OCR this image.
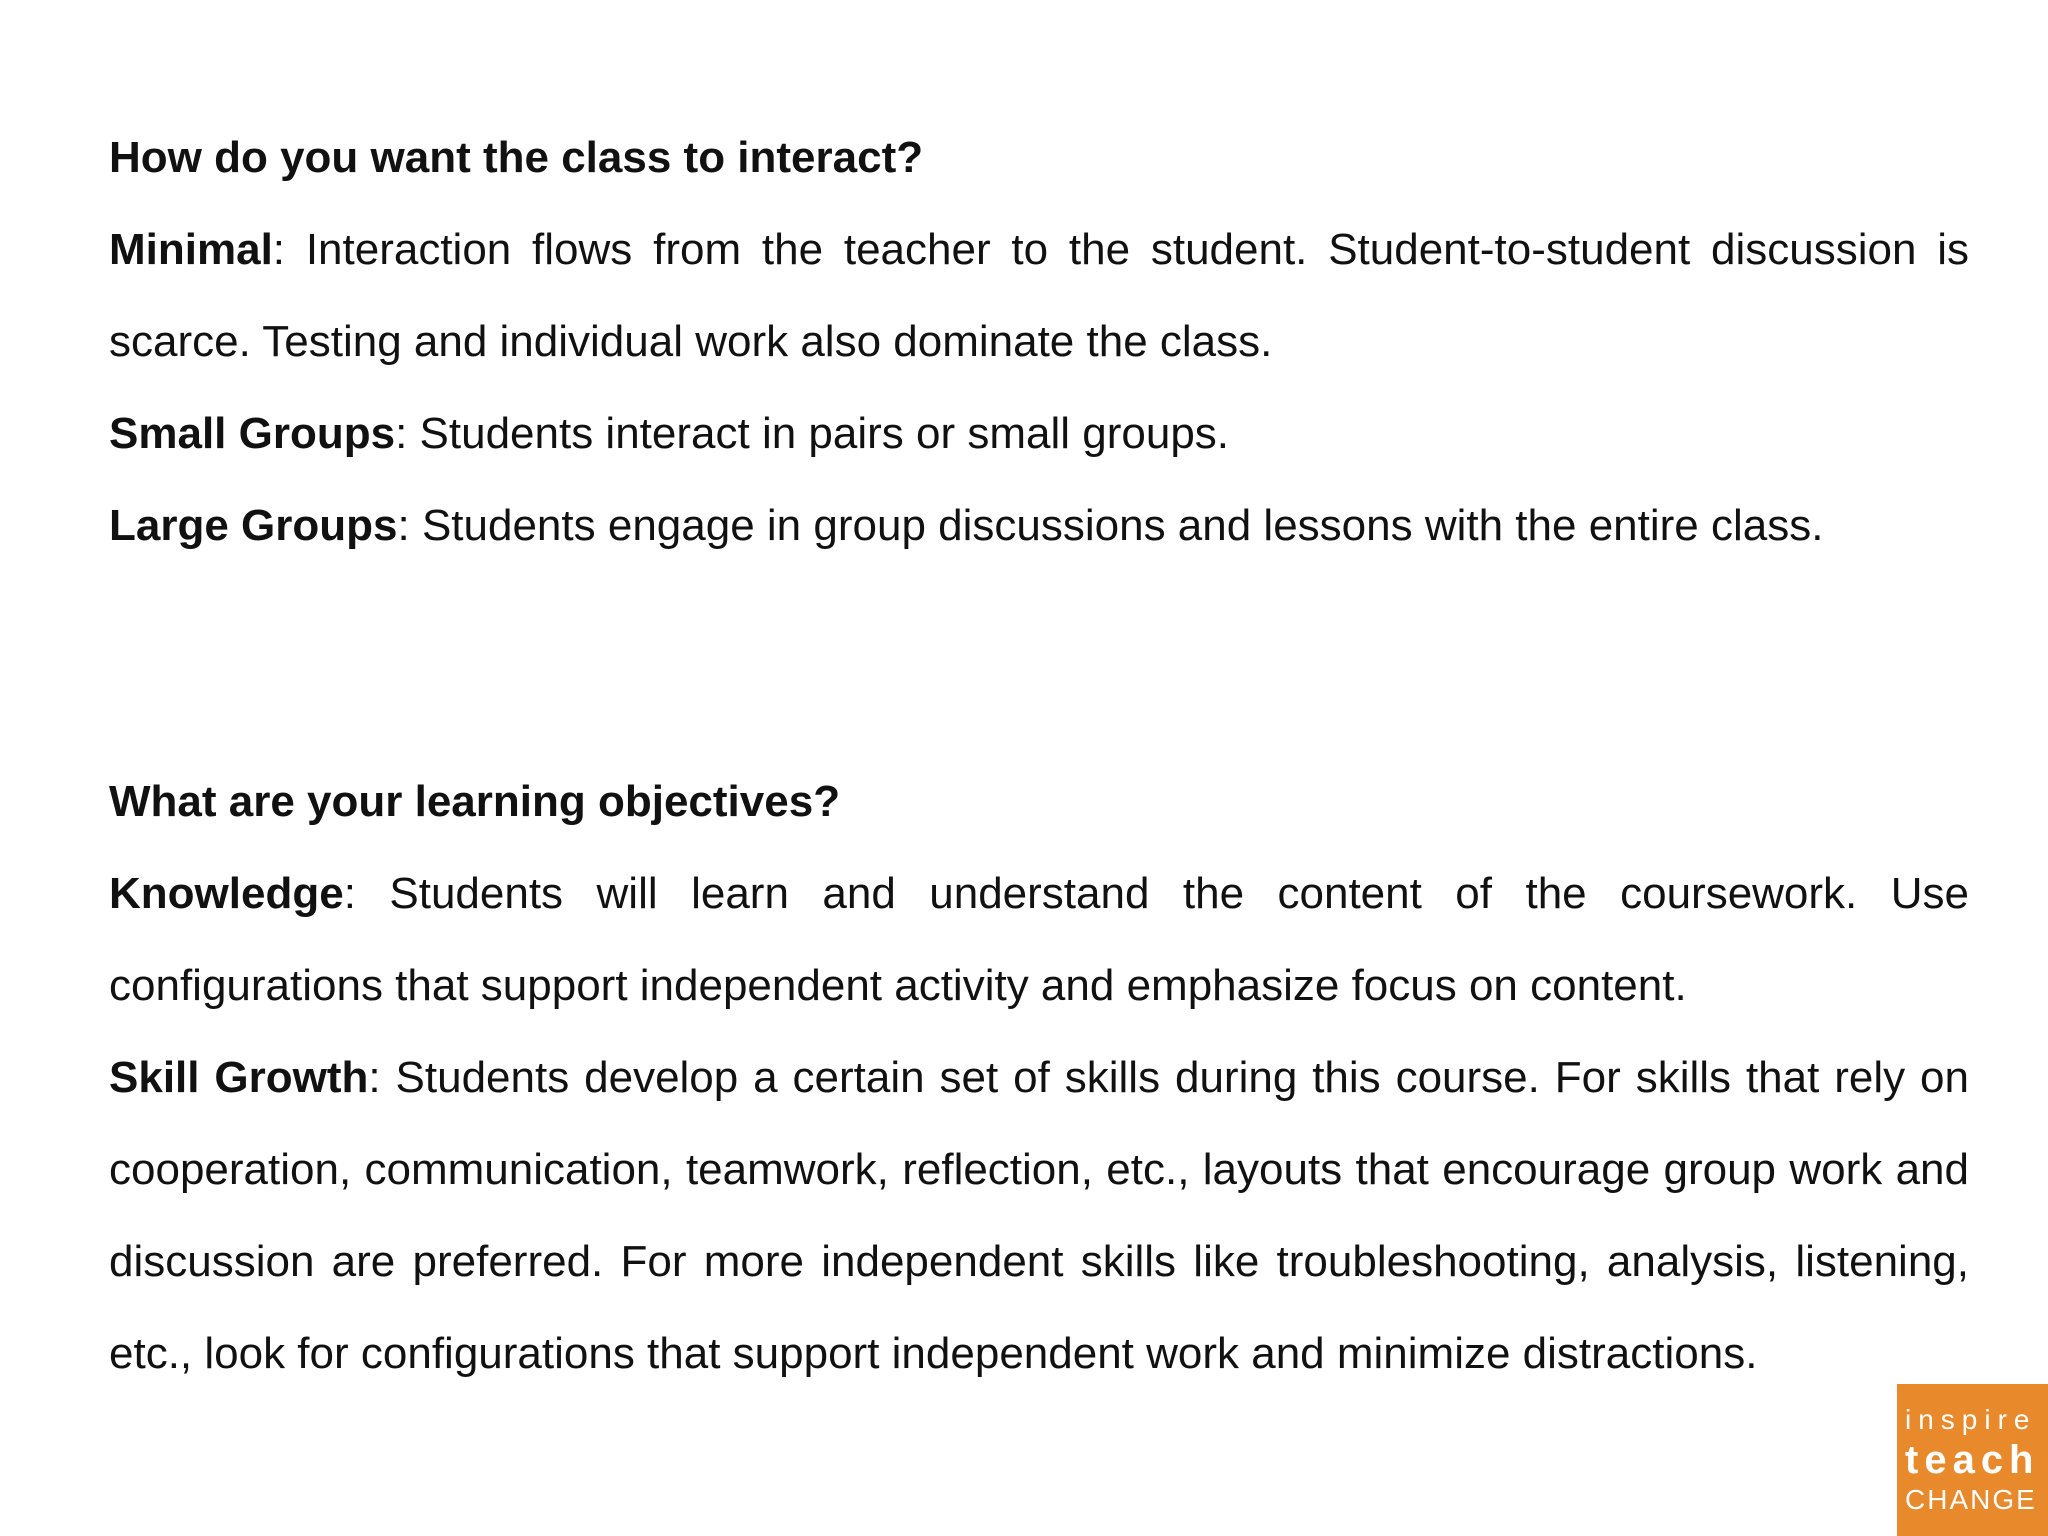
How do you want the class to interact?

Minimal: Interaction flows from the teacher to the student. Student-to-student discussion is scarce. Testing and individual work also dominate the class.

Small Groups: Students interact in pairs or small groups.

Large Groups: Students engage in group discussions and lessons with the entire class.

What are your learning objectives?

Knowledge: Students will learn and understand the content of the coursework. Use configurations that support independent activity and emphasize focus on content.

Skill Growth: Students develop a certain set of skills during this course. For skills that rely on cooperation, communication, teamwork, reflection, etc., layouts that encourage group work and discussion are preferred. For more independent skills like troubleshooting, analysis, listening, etc., look for configurations that support independent work and minimize distractions.

inspire
teach
CHANGE
